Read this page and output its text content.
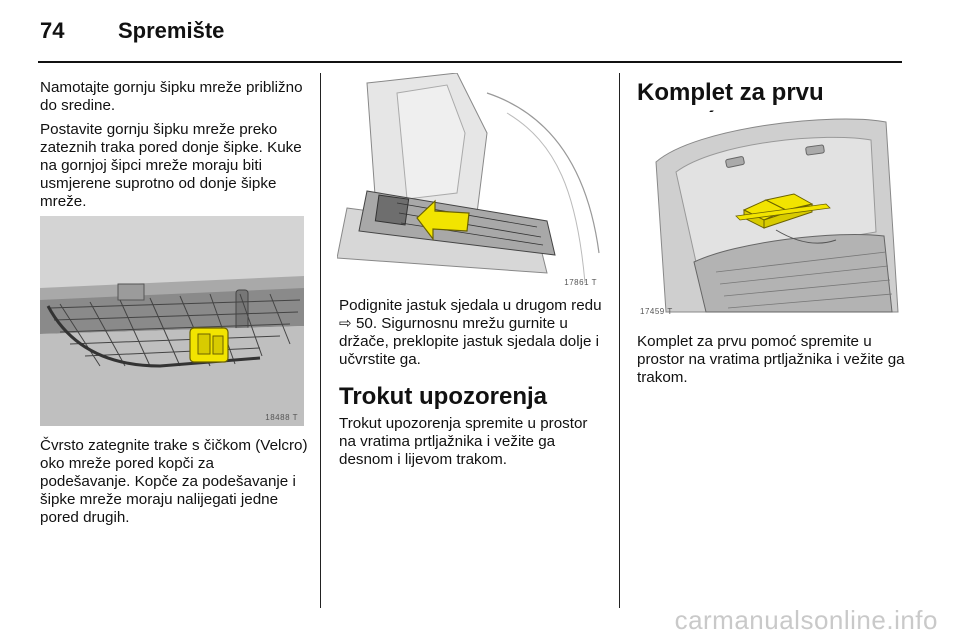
74 Spremište

Namotajte gornju šipku mreže približno do sredine.

Postavite gornju šipku mreže preko zateznih traka pored donje šipke. Kuke na gornjoj šipci mreže moraju biti usmjerene suprotno od donje šipke mreže.

18488 T

Čvrsto zategnite trake s čičkom (Velcro) oko mreže pored kopči za podešavanje. Kopče za podešavanje i šipke mreže moraju nalijegati jedne pored drugih.

17861 T

Podignite jastuk sjedala u drugom redu ⇨ 50. Sigurnosnu mrežu gurnite u držače, preklopite jastuk sjedala dolje i učvrstite ga.

Trokut upozorenja

Trokut upozorenja spremite u prostor na vratima prtljažnika i vežite ga desnom i lijevom trakom.

Komplet za prvu
17459 T

Komplet za prvu pomoć spremite u prostor na vratima prtljažnika i vežite ga trakom.

carmanualsonline.info
